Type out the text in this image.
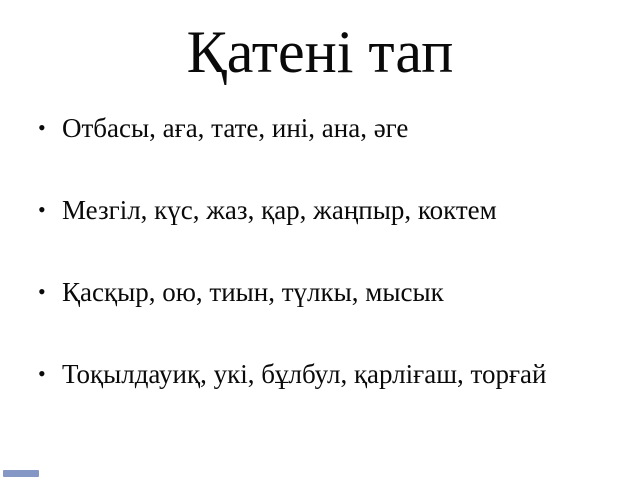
Қатені тап
• Отбасы, аға, тате, ині, ана, әге
• Мезгіл, күс, жаз, қар, жаңпыр, коктем
• Қасқыр, ою, тиын, түлкы, мысык
• Тоқылдауиқ, укі, бұлбул, қарліғаш, торғай
